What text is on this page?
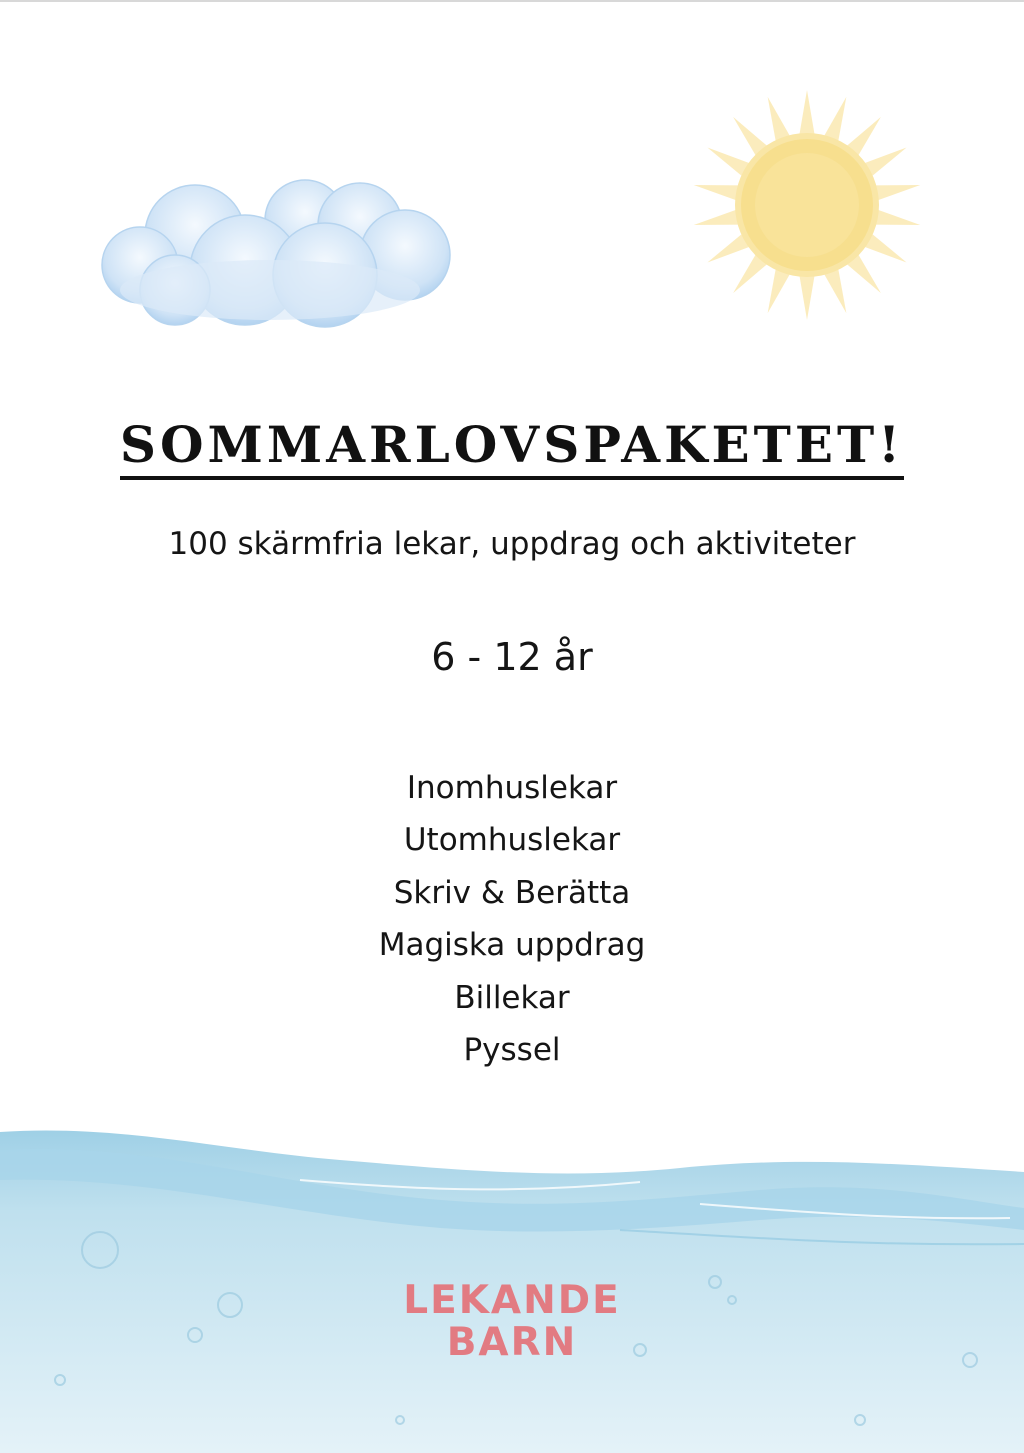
SOMMARLOVSPAKETET!
100 skärmfria lekar, uppdrag och aktiviteter
6 - 12 år
Inomhuslekar
Utomhuslekar
Skriv & Berätta
Magiska uppdrag
Billekar
Pyssel
LEKANDE
BARN
